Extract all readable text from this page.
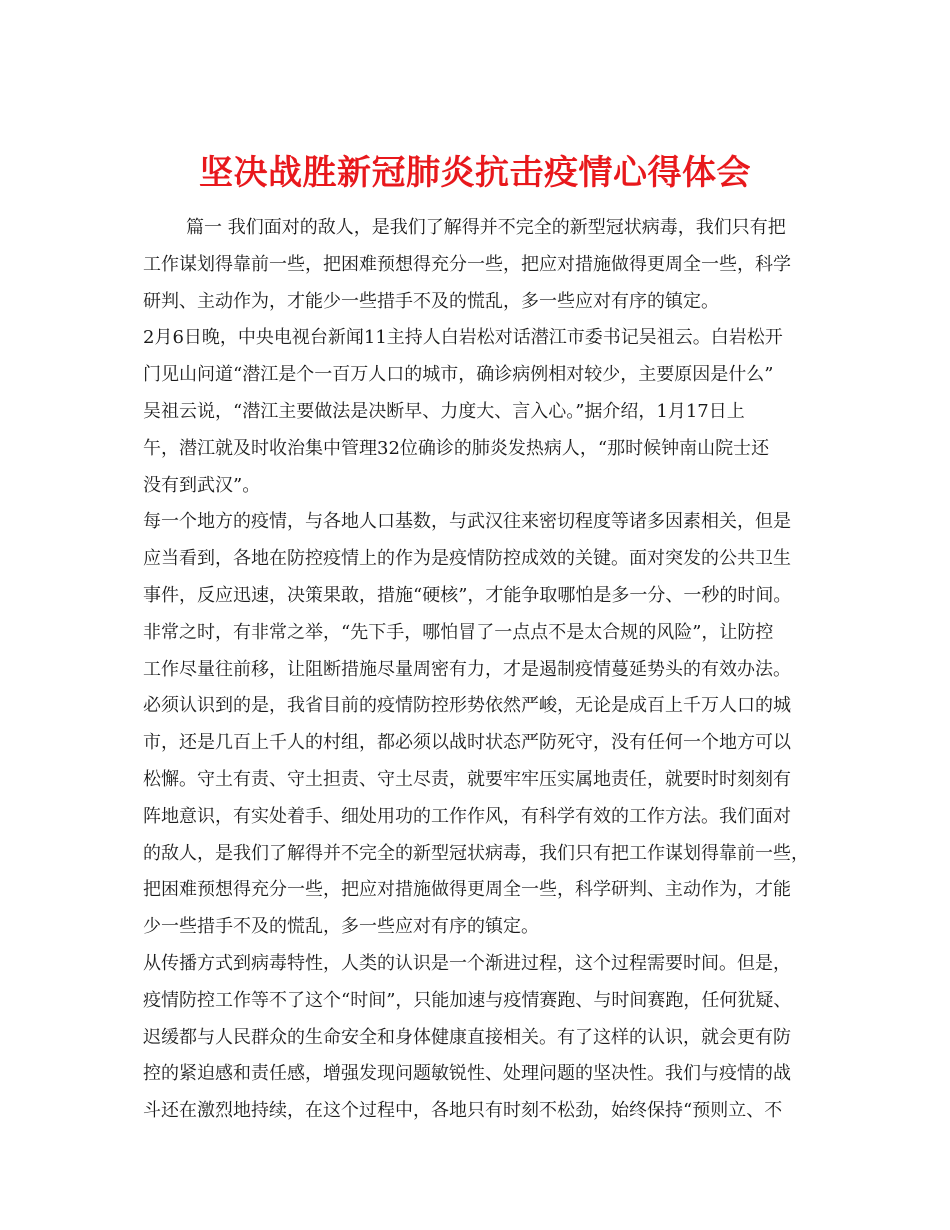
坚决战胜新冠肺炎抗击疫情心得体会
篇一 我们面对的敌人，是我们了解得并不完全的新型冠状病毒，我们只有把
工作谋划得靠前一些，把困难预想得充分一些，把应对措施做得更周全一些，科学
研判、主动作为，才能少一些措手不及的慌乱，多一些应对有序的镇定。
2月6日晚，中央电视台新闻11主持人白岩松对话潜江市委书记吴祖云。白岩松开
门见山问道“潜江是个一百万人口的城市，确诊病例相对较少，主要原因是什么”
吴祖云说，“潜江主要做法是决断早、力度大、言入心。”据介绍，1月17日上
午，潜江就及时收治集中管理32位确诊的肺炎发热病人，“那时候钟南山院士还
没有到武汉”。
每一个地方的疫情，与各地人口基数，与武汉往来密切程度等诸多因素相关，但是
应当看到，各地在防控疫情上的作为是疫情防控成效的关键。面对突发的公共卫生
事件，反应迅速，决策果敢，措施“硬核”，才能争取哪怕是多一分、一秒的时间。
非常之时，有非常之举，“先下手，哪怕冒了一点点不是太合规的风险”，让防控
工作尽量往前移，让阻断措施尽量周密有力，才是遏制疫情蔓延势头的有效办法。
必须认识到的是，我省目前的疫情防控形势依然严峻，无论是成百上千万人口的城
市，还是几百上千人的村组，都必须以战时状态严防死守，没有任何一个地方可以
松懈。守土有责、守土担责、守土尽责，就要牢牢压实属地责任，就要时时刻刻有
阵地意识，有实处着手、细处用功的工作作风，有科学有效的工作方法。我们面对
的敌人，是我们了解得并不完全的新型冠状病毒，我们只有把工作谋划得靠前一些，
把困难预想得充分一些，把应对措施做得更周全一些，科学研判、主动作为，才能
少一些措手不及的慌乱，多一些应对有序的镇定。
从传播方式到病毒特性，人类的认识是一个渐进过程，这个过程需要时间。但是，
疫情防控工作等不了这个“时间”，只能加速与疫情赛跑、与时间赛跑，任何犹疑、
迟缓都与人民群众的生命安全和身体健康直接相关。有了这样的认识，就会更有防
控的紧迫感和责任感，增强发现问题敏锐性、处理问题的坚决性。我们与疫情的战
斗还在激烈地持续，在这个过程中，各地只有时刻不松劲，始终保持“预则立、不
